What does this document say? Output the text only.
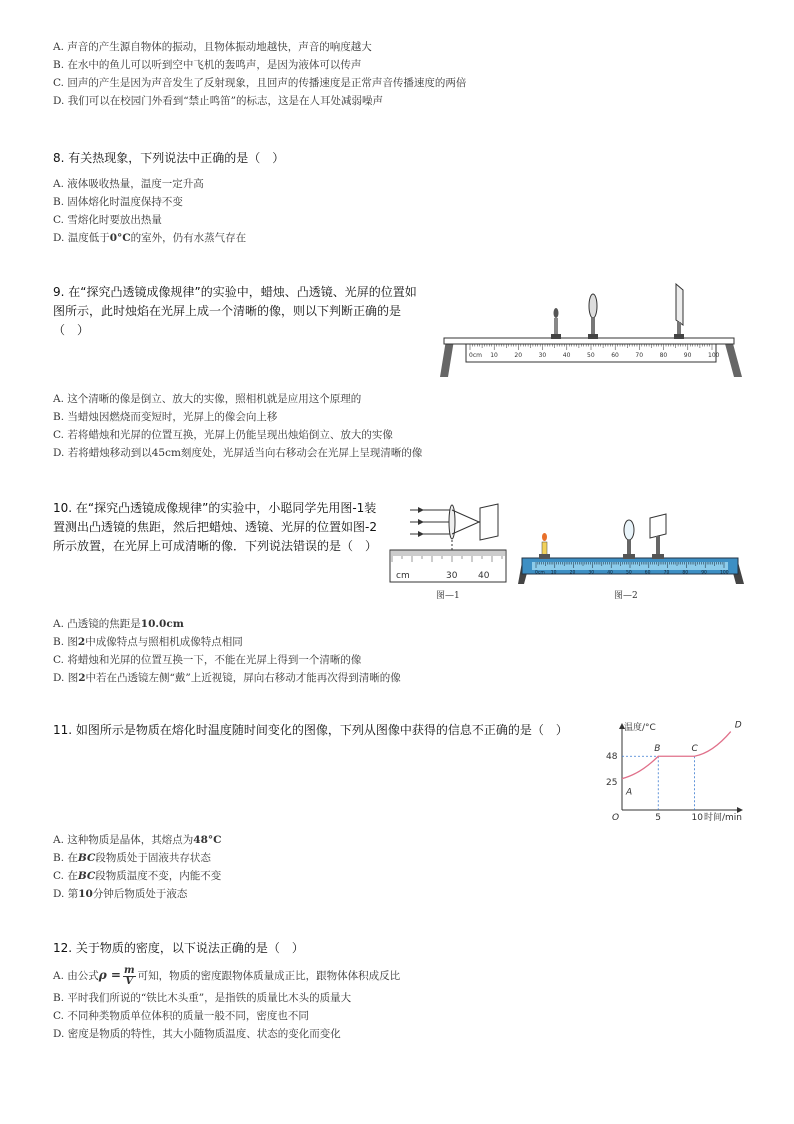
A. 声音的产生源自物体的振动，且物体振动地越快，声音的响度越大
B. 在水中的鱼儿可以听到空中飞机的轰鸣声，是因为液体可以传声
C. 回声的产生是因为声音发生了反射现象，且回声的传播速度是正常声音传播速度的两倍
D. 我们可以在校园门外看到“禁止鸣笛”的标志，这是在人耳处减弱噪声
8. 有关热现象，下列说法中正确的是（　）
A. 液体吸收热量，温度一定升高
B. 固体熔化时温度保持不变
C. 雪熔化时要放出热量
D. 温度低于0°C的室外，仍有水蒸气存在
9. 在“探究凸透镜成像规律”的实验中，蜡烛、凸透镜、光屏的位置如图所示，此时烛焰在光屏上成一个清晰的像，则以下判断正确的是（　）
0cm 10	20	30	40	50	60	70	80	90	100
A. 这个清晰的像是倒立、放大的实像，照相机就是应用这个原理的
B. 当蜡烛因燃烧而变短时，光屏上的像会向上移
C. 若将蜡烛和光屏的位置互换，光屏上仍能呈现出烛焰倒立、放大的实像
D. 若将蜡烛移动到以45cm刻度处，光屏适当向右移动会在光屏上呈现清晰的像
10. 在“探究凸透镜成像规律”的实验中，小聪同学先用图-1装置测出凸透镜的焦距，然后把蜡烛、透镜、光屏的位置如图-2所示放置，在光屏上可成清晰的像．下列说法错误的是（　）
cm	30 40
图—1
0cm 10	20	30	40	50	60	70	80	90	100
图—2
A. 凸透镜的焦距是10.0cm
B. 图2中成像特点与照相机成像特点相同
C. 将蜡烛和光屏的位置互换一下，不能在光屏上得到一个清晰的像
D. 图2中若在凸透镜左侧“戴”上近视镜，屏向右移动才能再次得到清晰的像
11. 如图所示是物质在熔化时温度随时间变化的图像，下列从图像中获得的信息不正确的是（　）	温度/°C
时间/min
O	5	10
25
48
A
B	C
D
A. 这种物质是晶体，其熔点为48°C
B. 在BC段物质处于固液共存状态
C. 在BC段物质温度不变，内能不变
D. 第10分钟后物质处于液态
12. 关于物质的密度，以下说法正确的是（　）
A. 由公式$\rho = \frac{m}{V}$ 可知，物质的密度跟物体质量成正比，跟物体体积成反比
B. 平时我们所说的“铁比木头重”，是指铁的质量比木头的质量大
C. 不同种类物质单位体积的质量一般不同，密度也不同
D. 密度是物质的特性，其大小随物质温度、状态的变化而变化
